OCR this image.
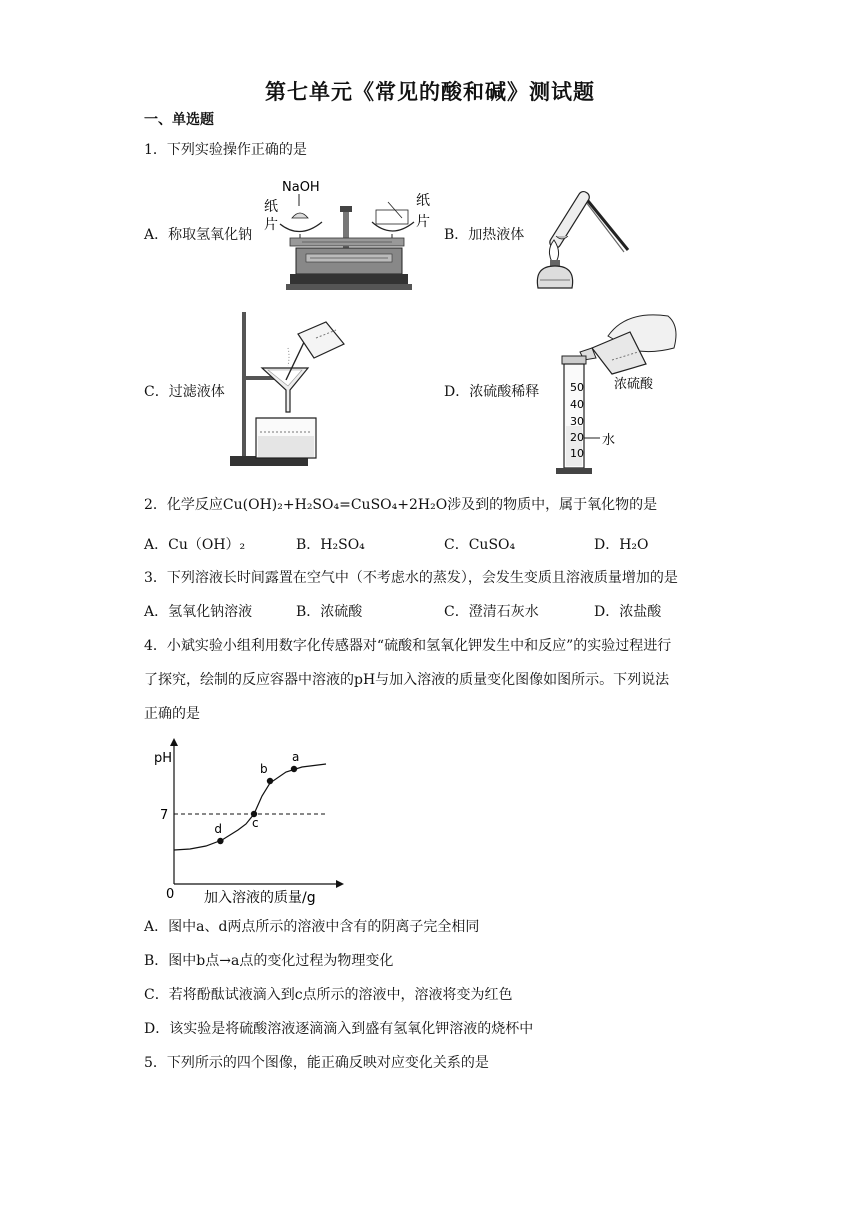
第七单元《常见的酸和碱》测试题
一、单选题
1．下列实验操作正确的是
A．称取氢氧化钠	B．加热液体
C．过滤液体	D．浓硫酸稀释
NaOH
纸
片
纸
片
浓硫酸
50
40
30
20
10
水
2．化学反应Cu(OH)₂+H₂SO₄=CuSO₄+2H₂O涉及到的物质中，属于氧化物的是
A．Cu（OH）₂	B．H₂SO₄	C．CuSO₄	D．H₂O
3．下列溶液长时间露置在空气中（不考虑水的蒸发），会发生变质且溶液质量增加的是
A．氢氧化钠溶液	B．浓硫酸	C．澄清石灰水	D．浓盐酸
4．小斌实验小组利用数字化传感器对“硫酸和氢氧化钾发生中和反应”的实验过程进行
了探究，绘制的反应容器中溶液的pH与加入溶液的质量变化图像如图所示。下列说法
正确的是
pH
0 加入溶液的质量/g
7
d c
b
a
A．图中a、d两点所示的溶液中含有的阴离子完全相同
B．图中b点→a点的变化过程为物理变化
C．若将酚酞试液滴入到c点所示的溶液中，溶液将变为红色
D．该实验是将硫酸溶液逐滴滴入到盛有氢氧化钾溶液的烧杯中
5．下列所示的四个图像，能正确反映对应变化关系的是
